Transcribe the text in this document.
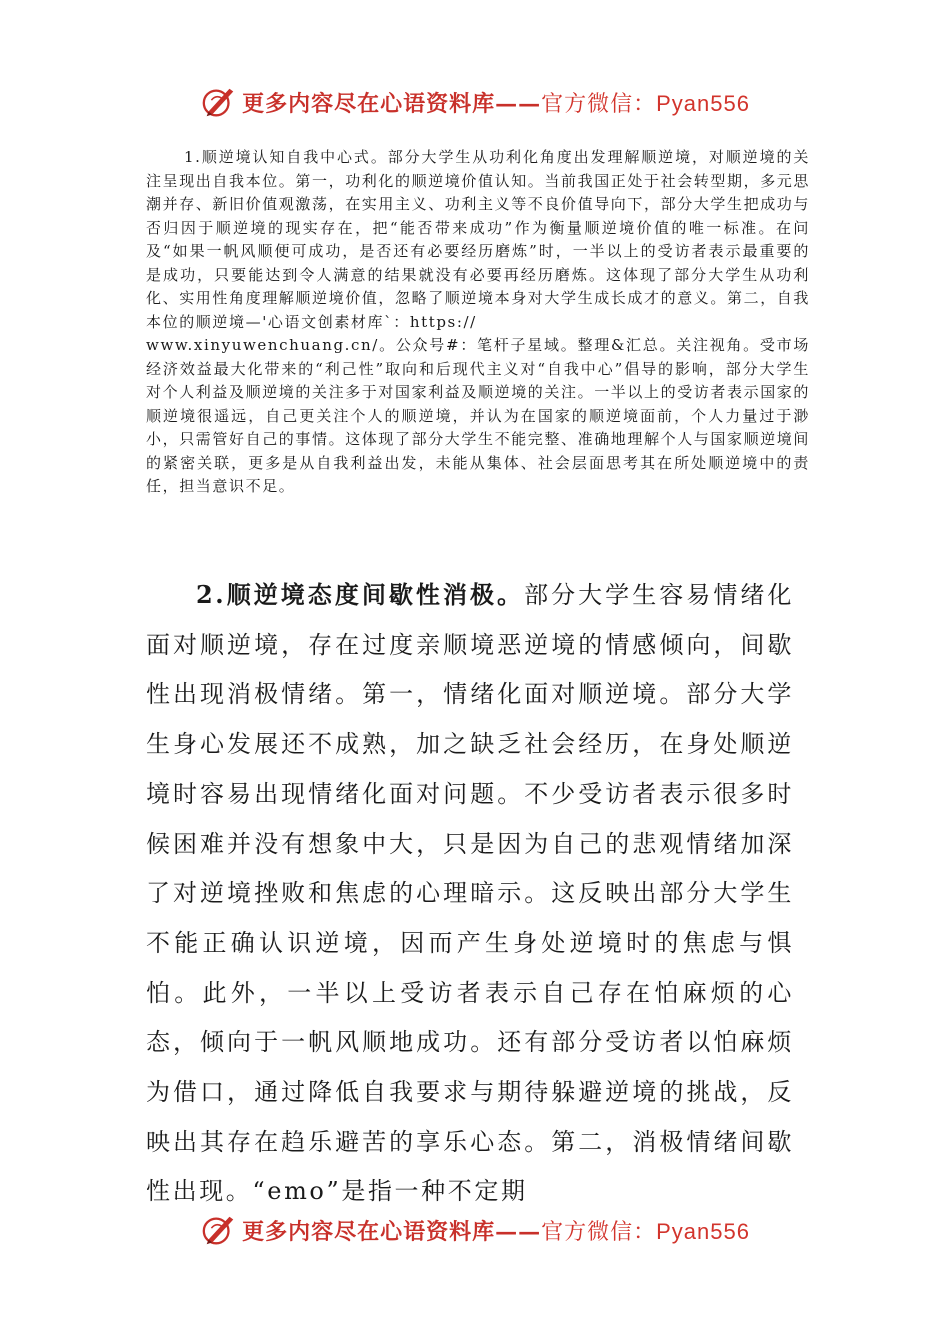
更多内容尽在心语资料库——官方微信：Pyan556

1.顺逆境认知自我中心式。部分大学生从功利化角度出发理解顺逆境，对顺逆境的关注呈现出自我本位。第一，功利化的顺逆境价值认知。当前我国正处于社会转型期，多元思潮并存、新旧价值观激荡，在实用主义、功利主义等不良价值导向下，部分大学生把成功与否归因于顺逆境的现实存在，把“能否带来成功”作为衡量顺逆境价值的唯一标准。在问及“如果一帆风顺便可成功，是否还有必要经历磨炼”时，一半以上的受访者表示最重要的是成功，只要能达到令人满意的结果就没有必要再经历磨炼。这体现了部分大学生从功利化、实用性角度理解顺逆境价值，忽略了顺逆境本身对大学生成长成才的意义。第二，自我本位的顺逆境—'心语文创素材库`：https://

www.xinyuwenchuang.cn/。公众号#：笔杆子星域。整理&汇总。关注视角。受市场经济效益最大化带来的“利己性”取向和后现代主义对“自我中心”倡导的影响，部分大学生对个人利益及顺逆境的关注多于对国家利益及顺逆境的关注。一半以上的受访者表示国家的顺逆境很遥远，自己更关注个人的顺逆境，并认为在国家的顺逆境面前，个人力量过于渺小，只需管好自己的事情。这体现了部分大学生不能完整、准确地理解个人与国家顺逆境间的紧密关联，更多是从自我利益出发，未能从集体、社会层面思考其在所处顺逆境中的责任，担当意识不足。

2.顺逆境态度间歇性消极。部分大学生容易情绪化面对顺逆境，存在过度亲顺境恶逆境的情感倾向，间歇性出现消极情绪。第一，情绪化面对顺逆境。部分大学生身心发展还不成熟，加之缺乏社会经历，在身处顺逆境时容易出现情绪化面对问题。不少受访者表示很多时候困难并没有想象中大，只是因为自己的悲观情绪加深了对逆境挫败和焦虑的心理暗示。这反映出部分大学生不能正确认识逆境，因而产生身处逆境时的焦虑与惧怕。此外，一半以上受访者表示自己存在怕麻烦的心态，倾向于一帆风顺地成功。还有部分受访者以怕麻烦为借口，通过降低自我要求与期待躲避逆境的挑战，反映出其存在趋乐避苦的享乐心态。第二，消极情绪间歇性出现。“emo”是指一种不定期

更多内容尽在心语资料库——官方微信：Pyan556
